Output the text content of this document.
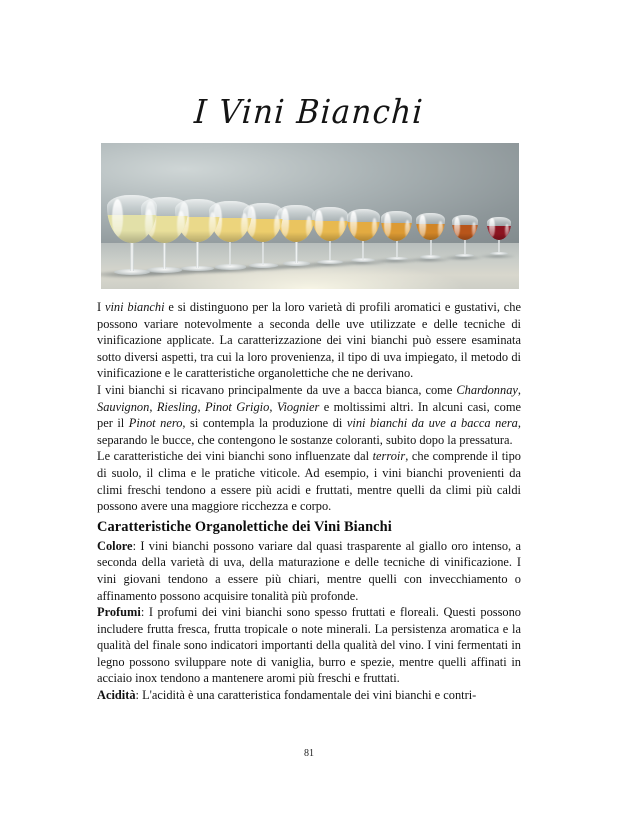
I Vini Bianchi

I vini bianchi e si distinguono per la loro varietà di profili aromatici e gustativi, che possono variare notevolmente a seconda delle uve utilizzate e delle tecniche di vinificazione applicate. La caratterizzazione dei vini bianchi può essere esaminata sotto diversi aspetti, tra cui la loro provenienza, il tipo di uva impiegato, il metodo di vinificazione e le caratteristiche organolettiche che ne derivano.

I vini bianchi si ricavano principalmente da uve a bacca bianca, come Chardonnay, Sauvignon, Riesling, Pinot Grigio, Viognier e moltissimi altri. In alcuni casi, come per il Pinot nero, si contempla la produzione di vini bianchi da uve a bacca nera, separando le bucce, che contengono le sostanze coloranti, subito dopo la pressatura.

Le caratteristiche dei vini bianchi sono influenzate dal terroir, che comprende il tipo di suolo, il clima e le pratiche viticole. Ad esempio, i vini bianchi provenienti da climi freschi tendono a essere più acidi e fruttati, mentre quelli da climi più caldi possono avere una maggiore ricchezza e corpo.

Caratteristiche Organolettiche dei Vini Bianchi

Colore: I vini bianchi possono variare dal quasi trasparente al giallo oro intenso, a seconda della varietà di uva, della maturazione e delle tecniche di vinificazione. I vini giovani tendono a essere più chiari, mentre quelli con invecchiamento o affinamento possono acquisire tonalità più profonde.

Profumi: I profumi dei vini bianchi sono spesso fruttati e floreali. Questi possono includere frutta fresca, frutta tropicale o note minerali. La persistenza aromatica e la qualità del finale sono indicatori importanti della qualità del vino. I vini fermentati in legno possono sviluppare note di vaniglia, burro e spezie, mentre quelli affinati in acciaio inox tendono a mantenere aromi più freschi e fruttati.

Acidità: L'acidità è una caratteristica fondamentale dei vini bianchi e contri-

81
